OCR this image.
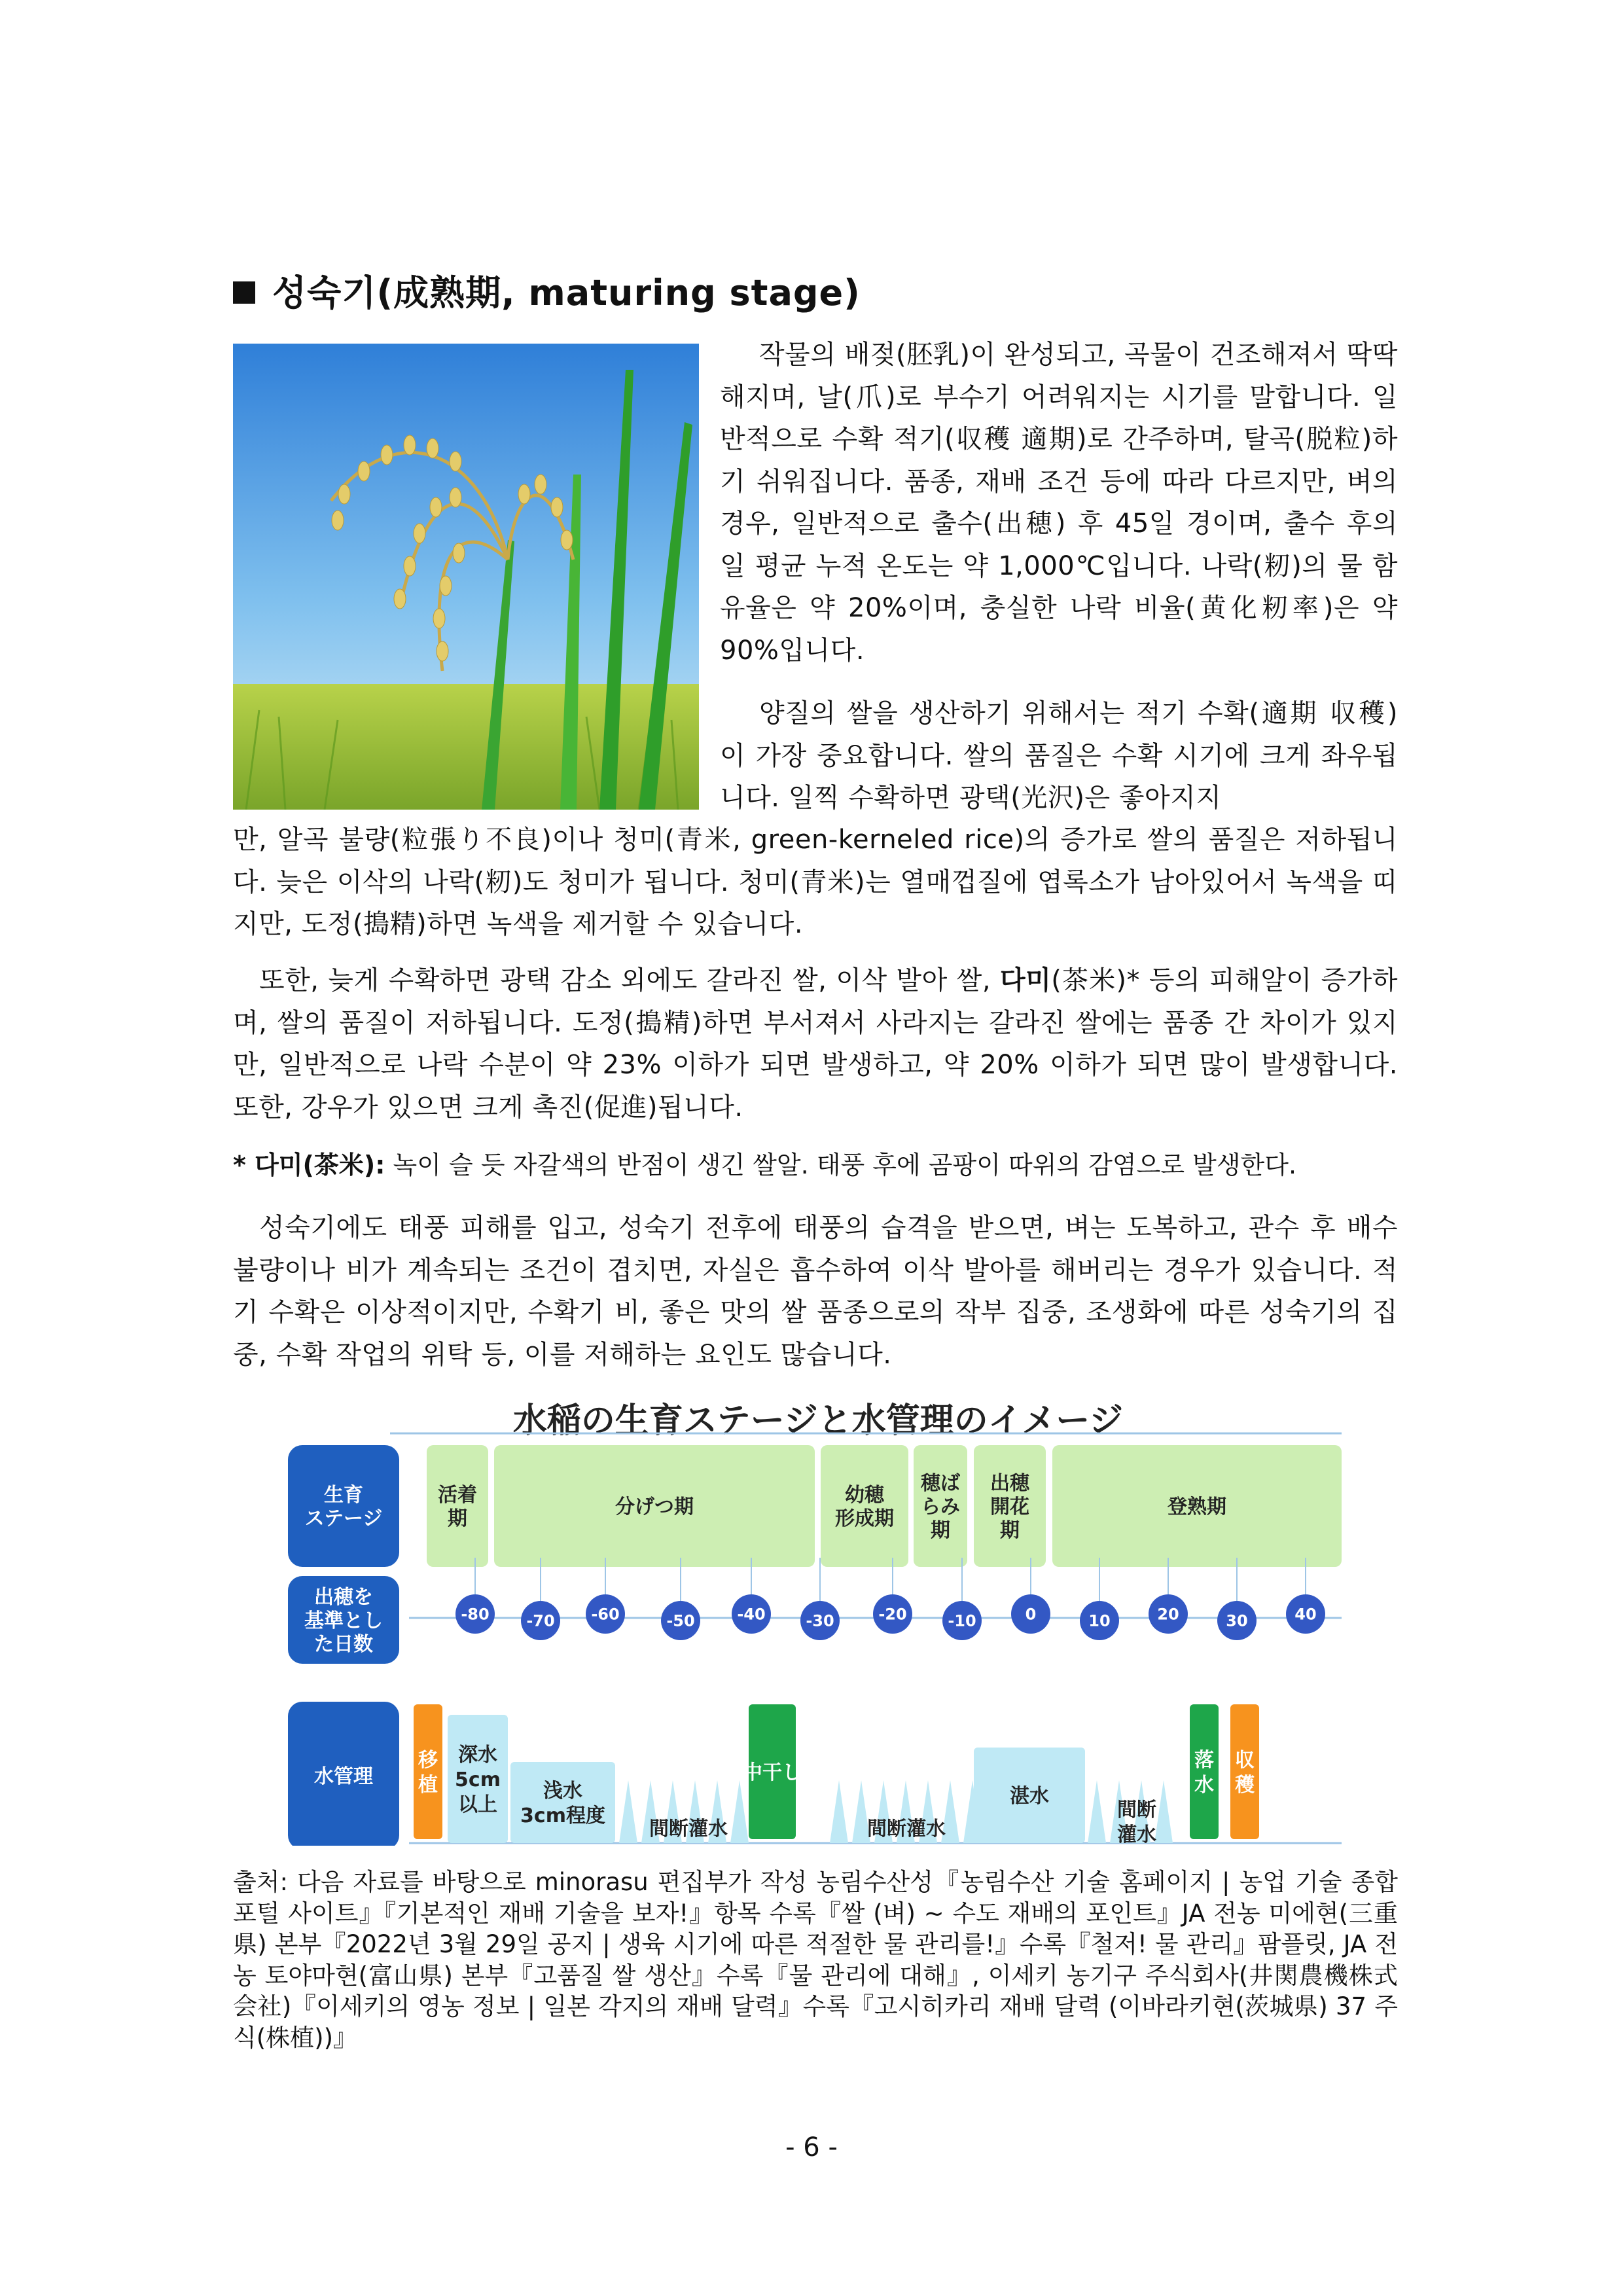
성숙기(成熟期, maturing stage)
작물의 배젖(胚乳)이 완성되고, 곡물이 건조해져서 딱딱해지며, 날(爪)로 부수기 어려워지는 시기를 말합니다. 일반적으로 수확 적기(収穫 適期)로 간주하며, 탈곡(脱粒)하기 쉬워집니다. 품종, 재배 조건 등에 따라 다르지만, 벼의 경우, 일반적으로 출수(出穂) 후 45일 경이며, 출수 후의 일 평균 누적 온도는 약 1,000℃입니다. 나락(籾)의 물 함유율은 약 20%이며, 충실한 나락 비율(黄化籾率)은 약 90%입니다.
양질의 쌀을 생산하기 위해서는 적기 수확(適期 収穫)이 가장 중요합니다. 쌀의 품질은 수확 시기에 크게 좌우됩니다. 일찍 수확하면 광택(光沢)은 좋아지지
만, 알곡 불량(粒張り不良)이나 청미(青米, green-kerneled rice)의 증가로 쌀의 품질은 저하됩니다. 늦은 이삭의 나락(籾)도 청미가 됩니다. 청미(青米)는 열매껍질에 엽록소가 남아있어서 녹색을 띠지만, 도정(搗精)하면 녹색을 제거할 수 있습니다.
또한, 늦게 수확하면 광택 감소 외에도 갈라진 쌀, 이삭 발아 쌀, 다미(茶米)* 등의 피해알이 증가하며, 쌀의 품질이 저하됩니다. 도정(搗精)하면 부서져서 사라지는 갈라진 쌀에는 품종 간 차이가 있지만, 일반적으로 나락 수분이 약 23% 이하가 되면 발생하고, 약 20% 이하가 되면 많이 발생합니다. 또한, 강우가 있으면 크게 촉진(促進)됩니다.
* 다미(茶米): 녹이 슬 듯 자갈색의 반점이 생긴 쌀알. 태풍 후에 곰팡이 따위의 감염으로 발생한다.
성숙기에도 태풍 피해를 입고, 성숙기 전후에 태풍의 습격을 받으면, 벼는 도복하고, 관수 후 배수 불량이나 비가 계속되는 조건이 겹치면, 자실은 흡수하여 이삭 발아를 해버리는 경우가 있습니다. 적기 수확은 이상적이지만, 수확기 비, 좋은 맛의 쌀 품종으로의 작부 집중, 조생화에 따른 성숙기의 집중, 수확 작업의 위탁 등, 이를 저해하는 요인도 많습니다.
水稲の生育ステージと水管理のイメージ
生育ステージ
出穂を基準とした日数
水管理
活着期
分げつ期
幼穂形成期
穂ばらみ期
出穂開花期
登熟期
-80 -70 -60	-50	-40	-30	-20	-10	0	10	20	30	40
移植
深水 5cm 以上
浅水 3cm程度
間断灌水
中干し
間断灌水
湛水
間断灌水
落水
収穫
출처: 다음 자료를 바탕으로 minorasu 편집부가 작성 농림수산성『농림수산 기술 홈페이지 | 농업 기술 종합 포털 사이트』『기본적인 재배 기술을 보자!』항목 수록『쌀 (벼) ~ 수도 재배의 포인트』JA 전농 미에현(三重県) 본부『2022년 3월 29일 공지 | 생육 시기에 따른 적절한 물 관리를!』수록『철저! 물 관리』팜플릿, JA 전농 토야마현(富山県) 본부『고품질 쌀 생산』수록『물 관리에 대해』, 이세키 농기구 주식회사(井関農機株式会社)『이세키의 영농 정보 | 일본 각지의 재배 달력』수록『고시히카리 재배 달력 (이바라키현(茨城県) 37 주식(株植))』
- 6 -
